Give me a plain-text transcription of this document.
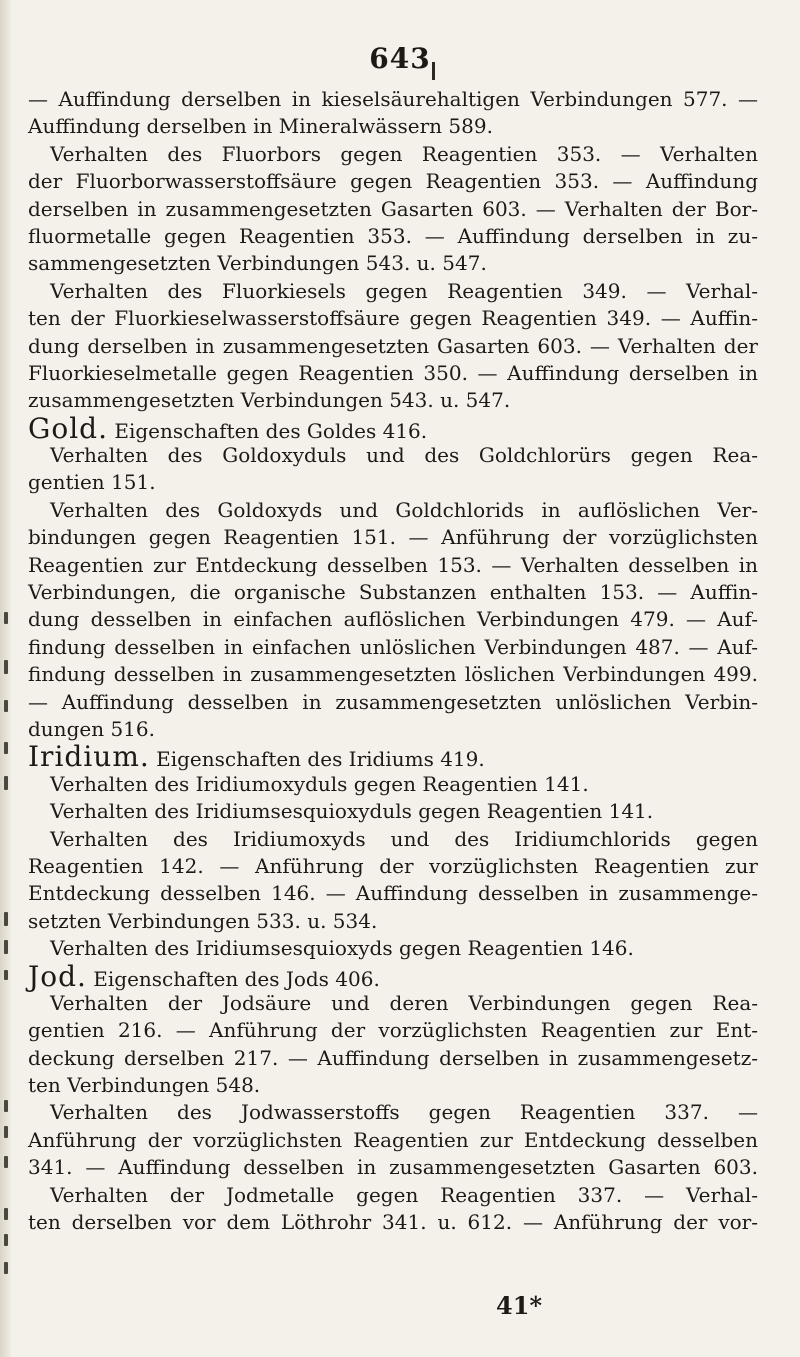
643
— Auffindung derselben in kieselsäurehaltigen Verbindungen 577. —
Auffindung derselben in Mineralwässern 589.
Verhalten des Fluorbors gegen Reagentien 353. — Verhalten
der Fluorborwasserstoffsäure gegen Reagentien 353. — Auffindung
derselben in zusammengesetzten Gasarten 603. — Verhalten der Bor-
fluormetalle gegen Reagentien 353. — Auffindung derselben in zu-
sammengesetzten Verbindungen 543. u. 547.
Verhalten des Fluorkiesels gegen Reagentien 349. — Verhal-
ten der Fluorkieselwasserstoffsäure gegen Reagentien 349. — Auffin-
dung derselben in zusammengesetzten Gasarten 603. — Verhalten der
Fluorkieselmetalle gegen Reagentien 350. — Auffindung derselben in
zusammengesetzten Verbindungen 543. u. 547.
Gold. Eigenschaften des Goldes 416.
Verhalten des Goldoxyduls und des Goldchlorürs gegen Rea-
gentien 151.
Verhalten des Goldoxyds und Goldchlorids in auflöslichen Ver-
bindungen gegen Reagentien 151. — Anführung der vorzüglichsten
Reagentien zur Entdeckung desselben 153. — Verhalten desselben in
Verbindungen, die organische Substanzen enthalten 153. — Auffin-
dung desselben in einfachen auflöslichen Verbindungen 479. — Auf-
findung desselben in einfachen unlöslichen Verbindungen 487. — Auf-
findung desselben in zusammengesetzten löslichen Verbindungen 499.
— Auffindung desselben in zusammengesetzten unlöslichen Verbin-
dungen 516.
Iridium. Eigenschaften des Iridiums 419.
Verhalten des Iridiumoxyduls gegen Reagentien 141.
Verhalten des Iridiumsesquioxyduls gegen Reagentien 141.
Verhalten des Iridiumoxyds und des Iridiumchlorids gegen
Reagentien 142. — Anführung der vorzüglichsten Reagentien zur
Entdeckung desselben 146. — Auffindung desselben in zusammenge-
setzten Verbindungen 533. u. 534.
Verhalten des Iridiumsesquioxyds gegen Reagentien 146.
Jod. Eigenschaften des Jods 406.
Verhalten der Jodsäure und deren Verbindungen gegen Rea-
gentien 216. — Anführung der vorzüglichsten Reagentien zur Ent-
deckung derselben 217. — Auffindung derselben in zusammengesetz-
ten Verbindungen 548.
Verhalten des Jodwasserstoffs gegen Reagentien 337. —
Anführung der vorzüglichsten Reagentien zur Entdeckung desselben
341. — Auffindung desselben in zusammengesetzten Gasarten 603.
Verhalten der Jodmetalle gegen Reagentien 337. — Verhal-
ten derselben vor dem Löthrohr 341. u. 612. — Anführung der vor-
41*
